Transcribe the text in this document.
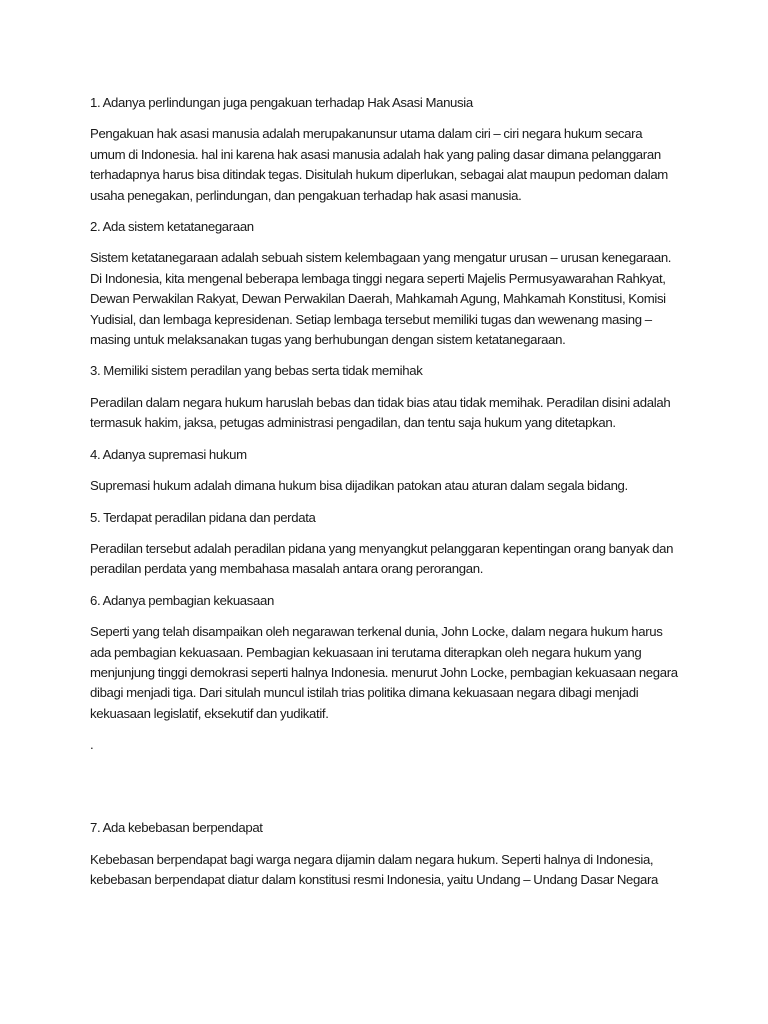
1. Adanya perlindungan juga pengakuan terhadap Hak Asasi Manusia

Pengakuan hak asasi manusia adalah merupakanunsur utama dalam ciri – ciri negara hukum secara umum di Indonesia. hal ini karena hak asasi manusia adalah hak yang paling dasar dimana pelanggaran terhadapnya harus bisa ditindak tegas. Disitulah hukum diperlukan, sebagai alat maupun pedoman dalam usaha penegakan, perlindungan, dan pengakuan terhadap hak asasi manusia.

2. Ada sistem ketatanegaraan

Sistem ketatanegaraan adalah sebuah sistem kelembagaan yang mengatur urusan – urusan kenegaraan. Di Indonesia, kita mengenal beberapa lembaga tinggi negara seperti Majelis Permusyawarahan Rahkyat, Dewan Perwakilan Rakyat, Dewan Perwakilan Daerah, Mahkamah Agung, Mahkamah Konstitusi, Komisi Yudisial, dan lembaga kepresidenan. Setiap lembaga tersebut memiliki tugas dan wewenang masing – masing untuk melaksanakan tugas yang berhubungan dengan sistem ketatanegaraan.

3. Memiliki sistem peradilan yang bebas serta tidak memihak

Peradilan dalam negara hukum haruslah bebas dan tidak bias atau tidak memihak. Peradilan disini adalah termasuk hakim, jaksa, petugas administrasi pengadilan, dan tentu saja hukum yang ditetapkan.

4. Adanya supremasi hukum

Supremasi hukum adalah dimana hukum bisa dijadikan patokan atau aturan dalam segala bidang.

5. Terdapat peradilan pidana dan perdata

Peradilan tersebut adalah peradilan pidana yang menyangkut pelanggaran kepentingan orang banyak dan peradilan perdata yang membahasa masalah antara orang perorangan.

6. Adanya pembagian kekuasaan

Seperti yang telah disampaikan oleh negarawan terkenal dunia, John Locke, dalam negara hukum harus ada pembagian kekuasaan. Pembagian kekuasaan ini terutama diterapkan oleh negara hukum yang menjunjung tinggi demokrasi seperti halnya Indonesia. menurut John Locke, pembagian kekuasaan negara dibagi menjadi tiga. Dari situlah muncul istilah trias politika dimana kekuasaan negara dibagi menjadi kekuasaan legislatif, eksekutif dan yudikatif.

.

7. Ada kebebasan berpendapat

Kebebasan berpendapat bagi warga negara dijamin dalam negara hukum. Seperti halnya di Indonesia, kebebasan berpendapat diatur dalam konstitusi resmi Indonesia, yaitu Undang – Undang Dasar Negara
